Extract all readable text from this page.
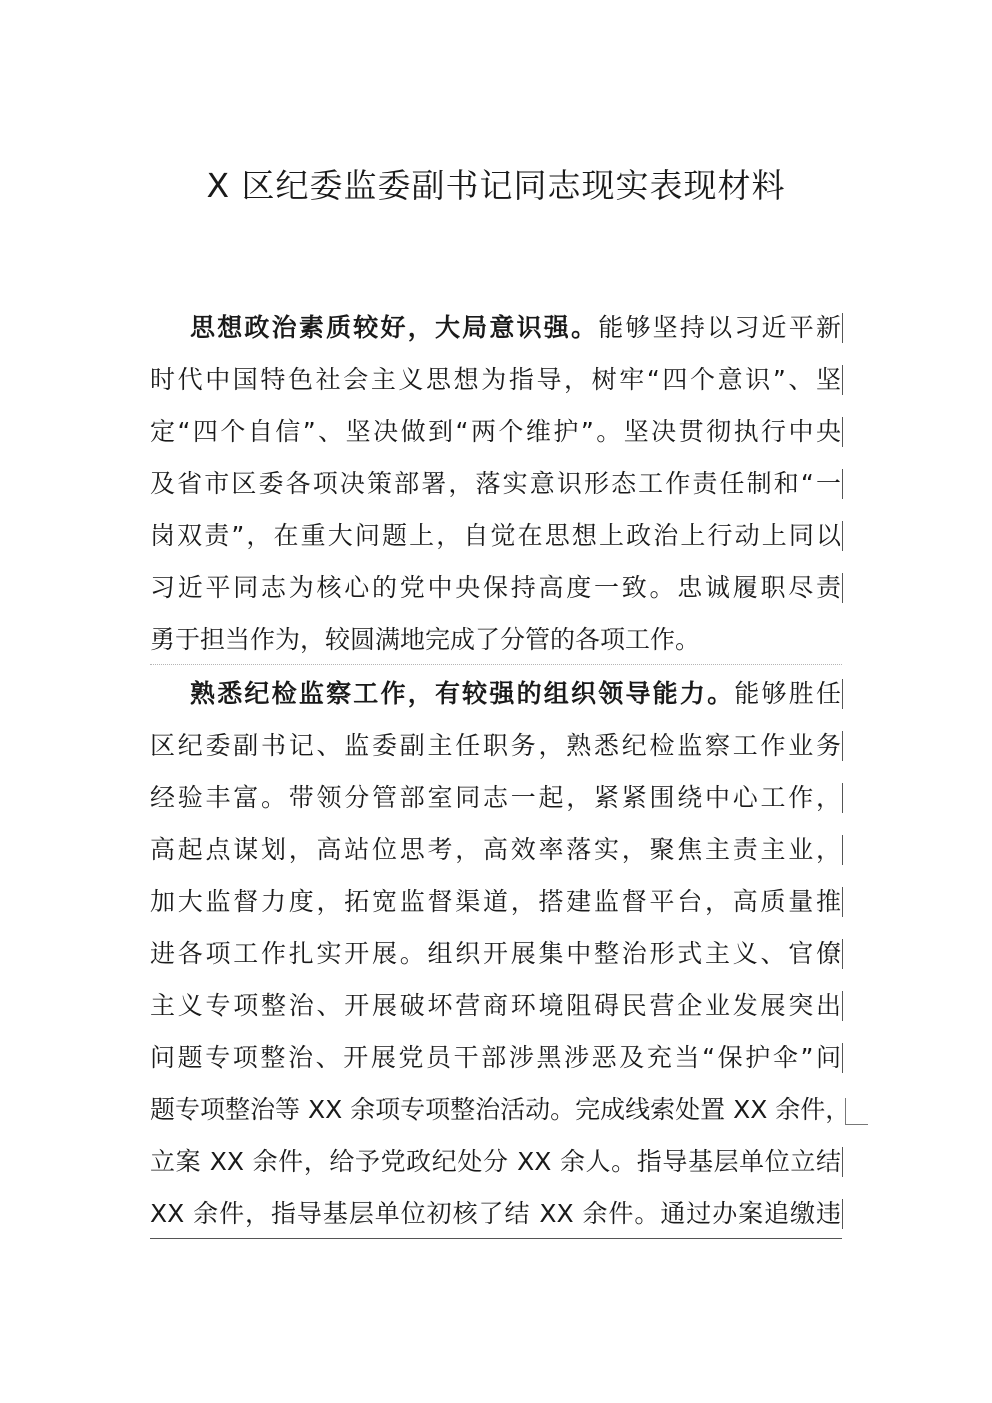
X 区纪委监委副书记同志现实表现材料
思想政治素质较好，大局意识强。能够坚持以习近平新
时代中国特色社会主义思想为指导，树牢“四个意识”、坚
定“四个自信”、坚决做到“两个维护”。坚决贯彻执行中央
及省市区委各项决策部署，落实意识形态工作责任制和“一
岗双责”，在重大问题上，自觉在思想上政治上行动上同以
习近平同志为核心的党中央保持高度一致。忠诚履职尽责
勇于担当作为，较圆满地完成了分管的各项工作。
熟悉纪检监察工作，有较强的组织领导能力。能够胜任
区纪委副书记、监委副主任职务，熟悉纪检监察工作业务
经验丰富。带领分管部室同志一起，紧紧围绕中心工作，
高起点谋划，高站位思考，高效率落实，聚焦主责主业，
加大监督力度，拓宽监督渠道，搭建监督平台，高质量推
进各项工作扎实开展。组织开展集中整治形式主义、官僚
主义专项整治、开展破坏营商环境阻碍民营企业发展突出
问题专项整治、开展党员干部涉黑涉恶及充当“保护伞”问
题专项整治等 XX 余项专项整治活动。完成线索处置 XX 余件，
立案 XX 余件，给予党政纪处分 XX 余人。指导基层单位立结
XX 余件，指导基层单位初核了结 XX 余件。通过办案追缴违
